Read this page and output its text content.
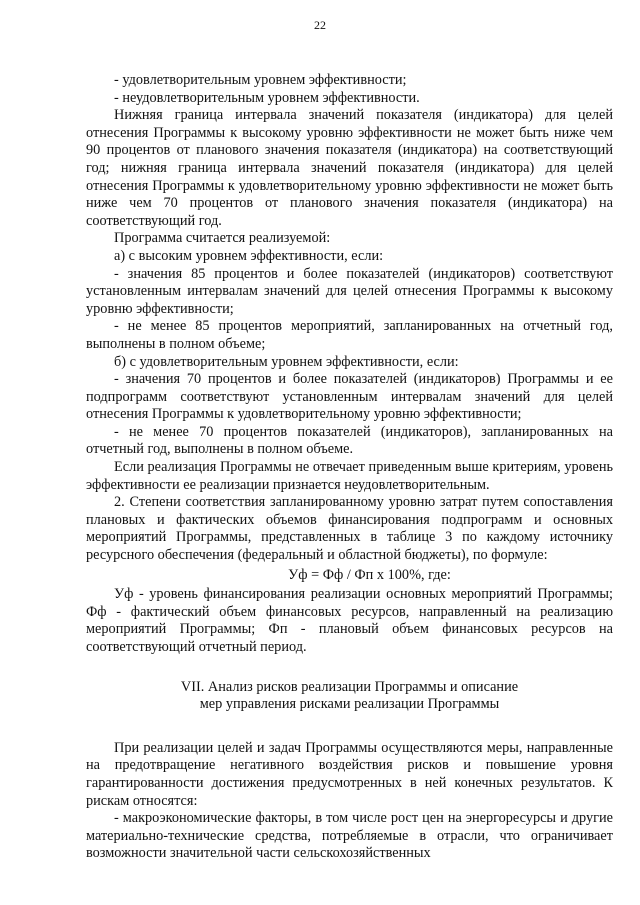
22

- удовлетворительным уровнем эффективности;

- неудовлетворительным уровнем эффективности.

Нижняя граница интервала значений показателя (индикатора) для целей отнесения Программы к высокому уровню эффективности не может быть ниже чем 90 процентов от планового значения показателя (индикатора) на соответствующий год; нижняя граница интервала значений показателя (индикатора) для целей отнесения Программы к удовлетворительному уровню эффективности не может быть ниже чем 70 процентов от планового значения показателя (индикатора) на соответствующий год.

Программа считается реализуемой:

а) с высоким уровнем эффективности, если:

- значения 85 процентов и более показателей (индикаторов) соответствуют установленным интервалам значений для целей отнесения Программы к высокому уровню эффективности;

- не менее 85 процентов мероприятий, запланированных на отчетный год, выполнены в полном объеме;

б) с удовлетворительным уровнем эффективности, если:

- значения 70 процентов и более показателей (индикаторов) Программы и ее подпрограмм соответствуют установленным интервалам значений для целей отнесения Программы к удовлетворительному уровню эффективности;

- не менее 70 процентов показателей (индикаторов), запланированных на отчетный год, выполнены в полном объеме.

Если реализация Программы не отвечает приведенным выше критериям, уровень эффективности ее реализации признается неудовлетворительным.

2. Степени соответствия запланированному уровню затрат путем сопоставления плановых и фактических объемов финансирования подпрограмм и основных мероприятий Программы, представленных в таблице 3 по каждому источнику ресурсного обеспечения (федеральный и областной бюджеты), по формуле:

Уф = Фф / Фп x 100%, где:

Уф - уровень финансирования реализации основных мероприятий Программы; Фф - фактический объем финансовых ресурсов, направленный на реализацию мероприятий Программы; Фп - плановый объем финансовых ресурсов на соответствующий отчетный период.

VII. Анализ рисков реализации Программы и описание
мер управления рисками реализации Программы

При реализации целей и задач Программы осуществляются меры, направленные на предотвращение негативного воздействия рисков и повышение уровня гарантированности достижения предусмотренных в ней конечных результатов. К рискам относятся:

- макроэкономические факторы, в том числе рост цен на энергоресурсы и другие материально-технические средства, потребляемые в отрасли, что ограничивает возможности значительной части сельскохозяйственных
